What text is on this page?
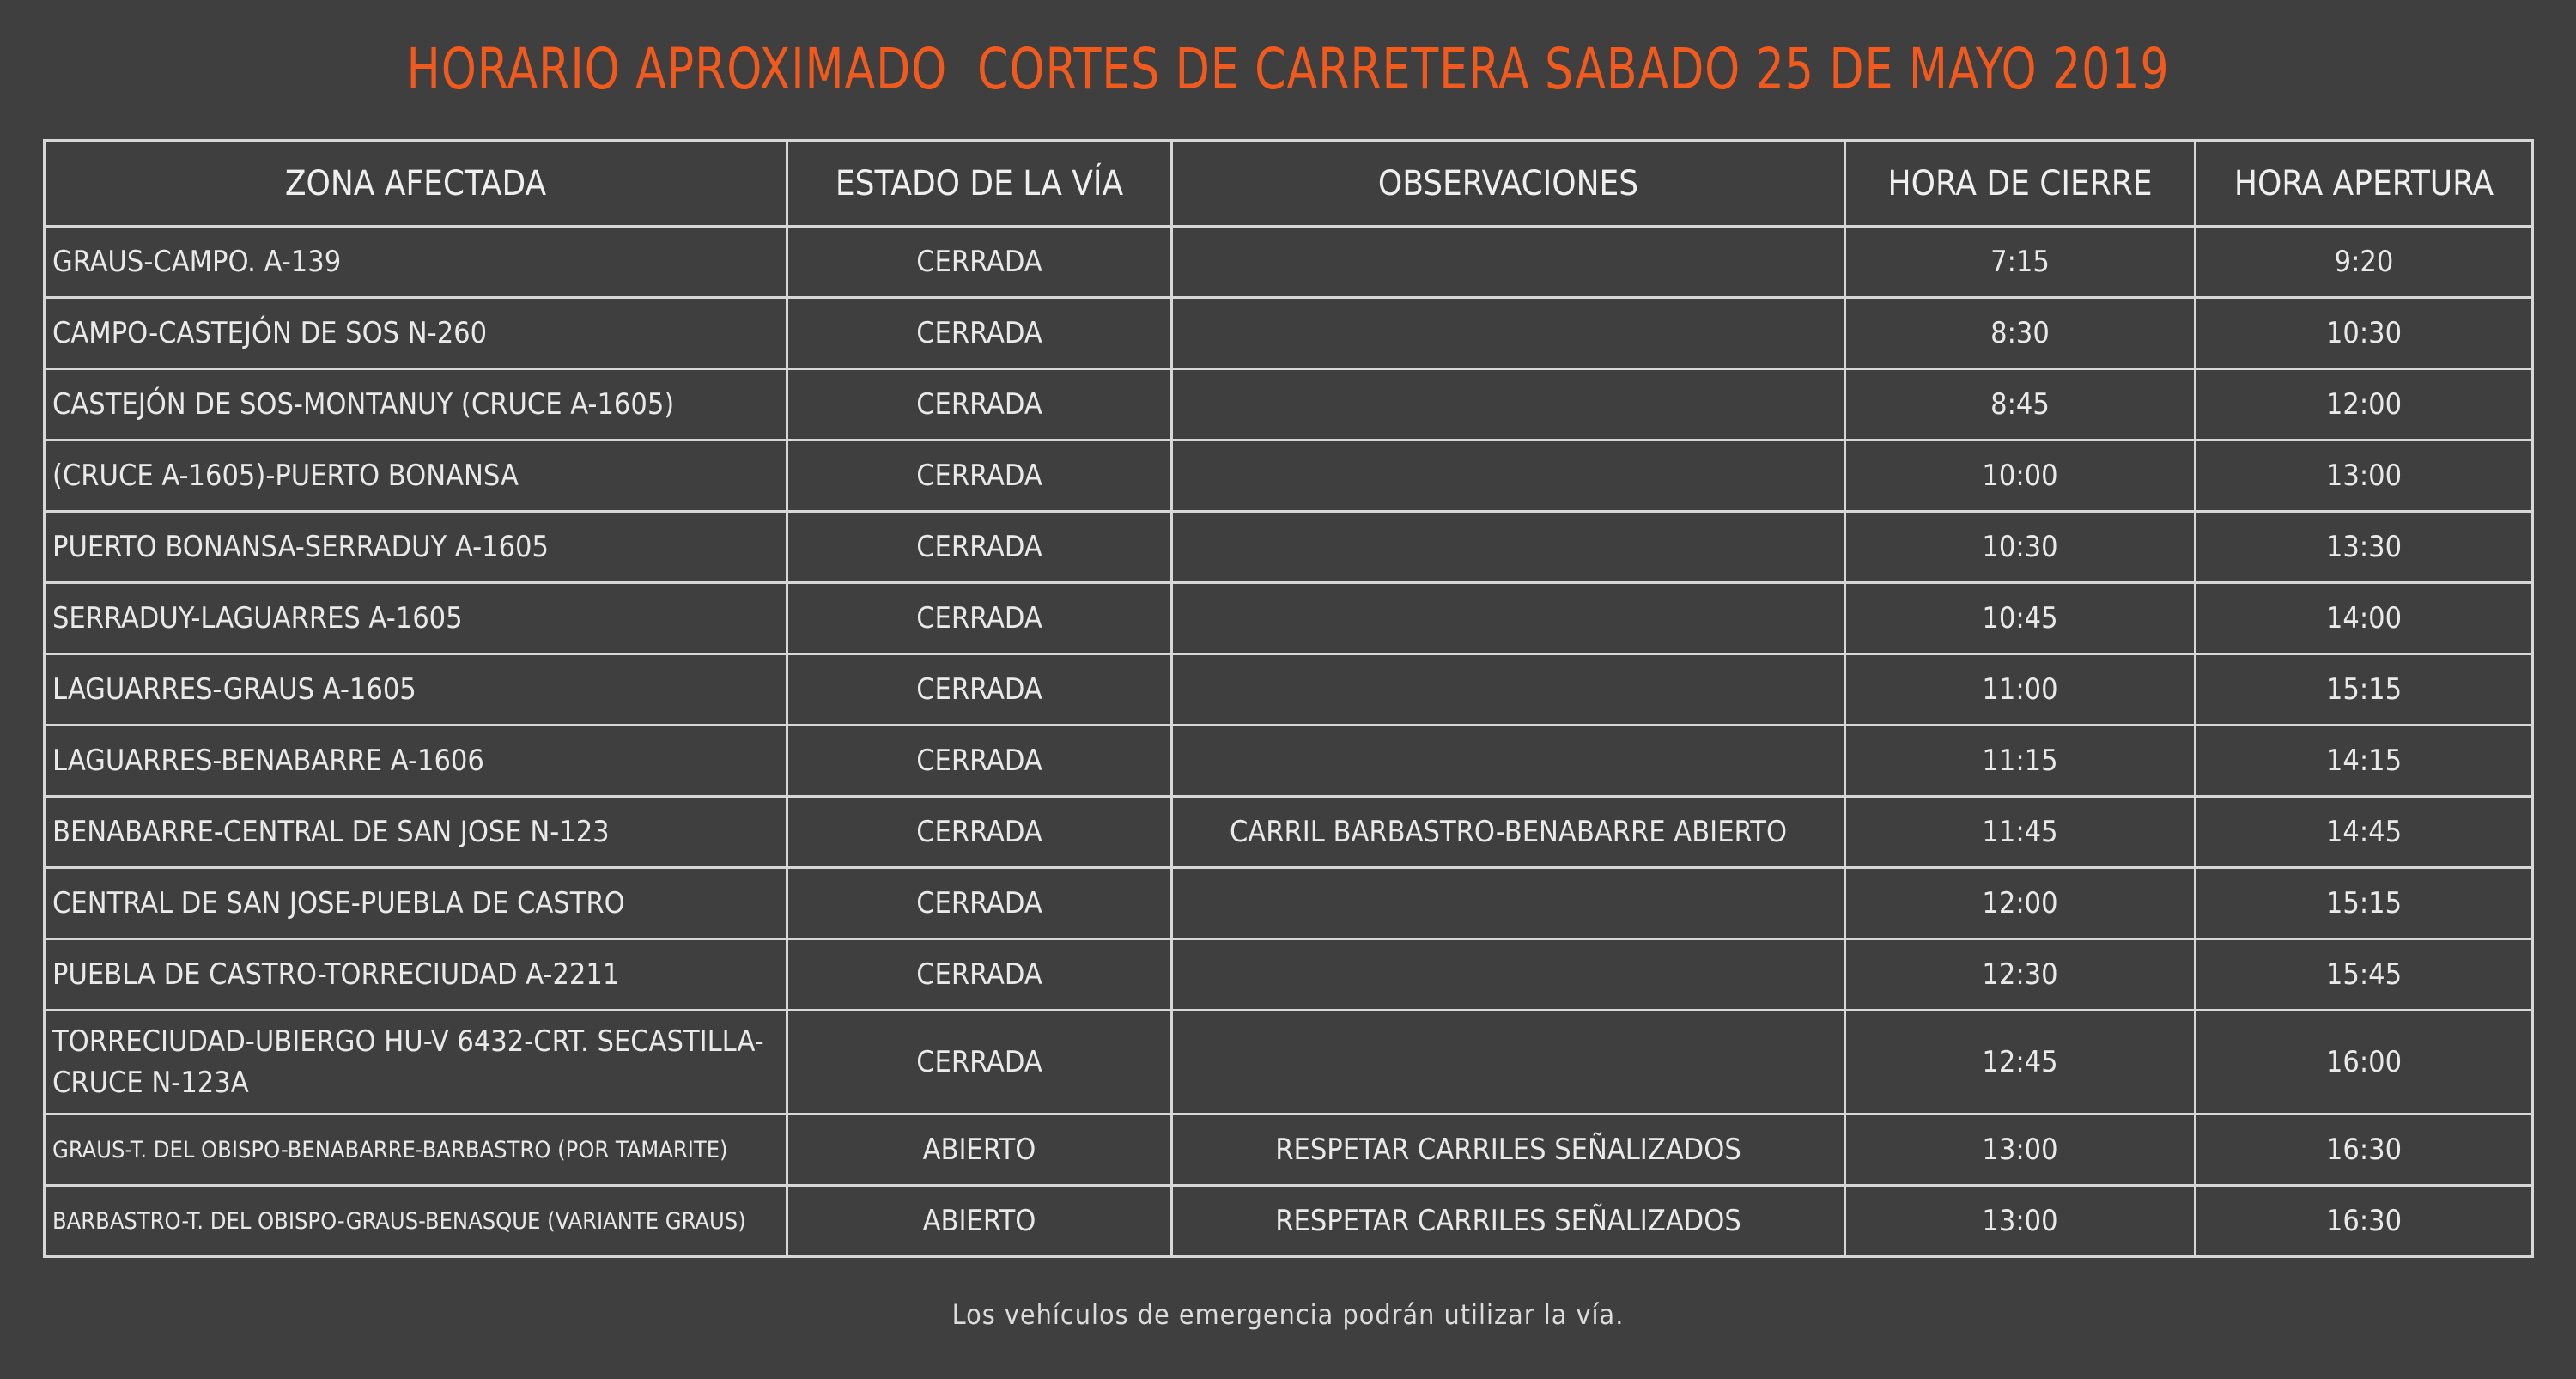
HORARIO APROXIMADO  CORTES DE CARRETERA SABADO 25 DE MAYO 2019
ZONA AFECTADA	ESTADO DE LA VÍA	OBSERVACIONES	HORA DE CIERRE	HORA APERTURA
GRAUS-CAMPO. A-139	CERRADA		7:15	9:20
CAMPO-CASTEJÓN DE SOS N-260	CERRADA		8:30	10:30
CASTEJÓN DE SOS-MONTANUY (CRUCE A-1605)	CERRADA		8:45	12:00
(CRUCE A-1605)-PUERTO BONANSA	CERRADA		10:00	13:00
PUERTO BONANSA-SERRADUY A-1605	CERRADA		10:30	13:30
SERRADUY-LAGUARRES A-1605	CERRADA		10:45	14:00
LAGUARRES-GRAUS A-1605	CERRADA		11:00	15:15
LAGUARRES-BENABARRE A-1606	CERRADA		11:15	14:15
BENABARRE-CENTRAL DE SAN JOSE N-123	CERRADA	CARRIL BARBASTRO-BENABARRE ABIERTO	11:45	14:45
CENTRAL DE SAN JOSE-PUEBLA DE CASTRO	CERRADA		12:00	15:15
PUEBLA DE CASTRO-TORRECIUDAD A-2211	CERRADA		12:30	15:45
TORRECIUDAD-UBIERGO HU-V 6432-CRT. SECASTILLA-CRUCE N-123A	CERRADA		12:45	16:00
GRAUS-T. DEL OBISPO-BENABARRE-BARBASTRO (POR TAMARITE)	ABIERTO	RESPETAR CARRILES SEÑALIZADOS	13:00	16:30
BARBASTRO-T. DEL OBISPO-GRAUS-BENASQUE (VARIANTE GRAUS)	ABIERTO	RESPETAR CARRILES SEÑALIZADOS	13:00	16:30
Los vehículos de emergencia podrán utilizar la vía.
